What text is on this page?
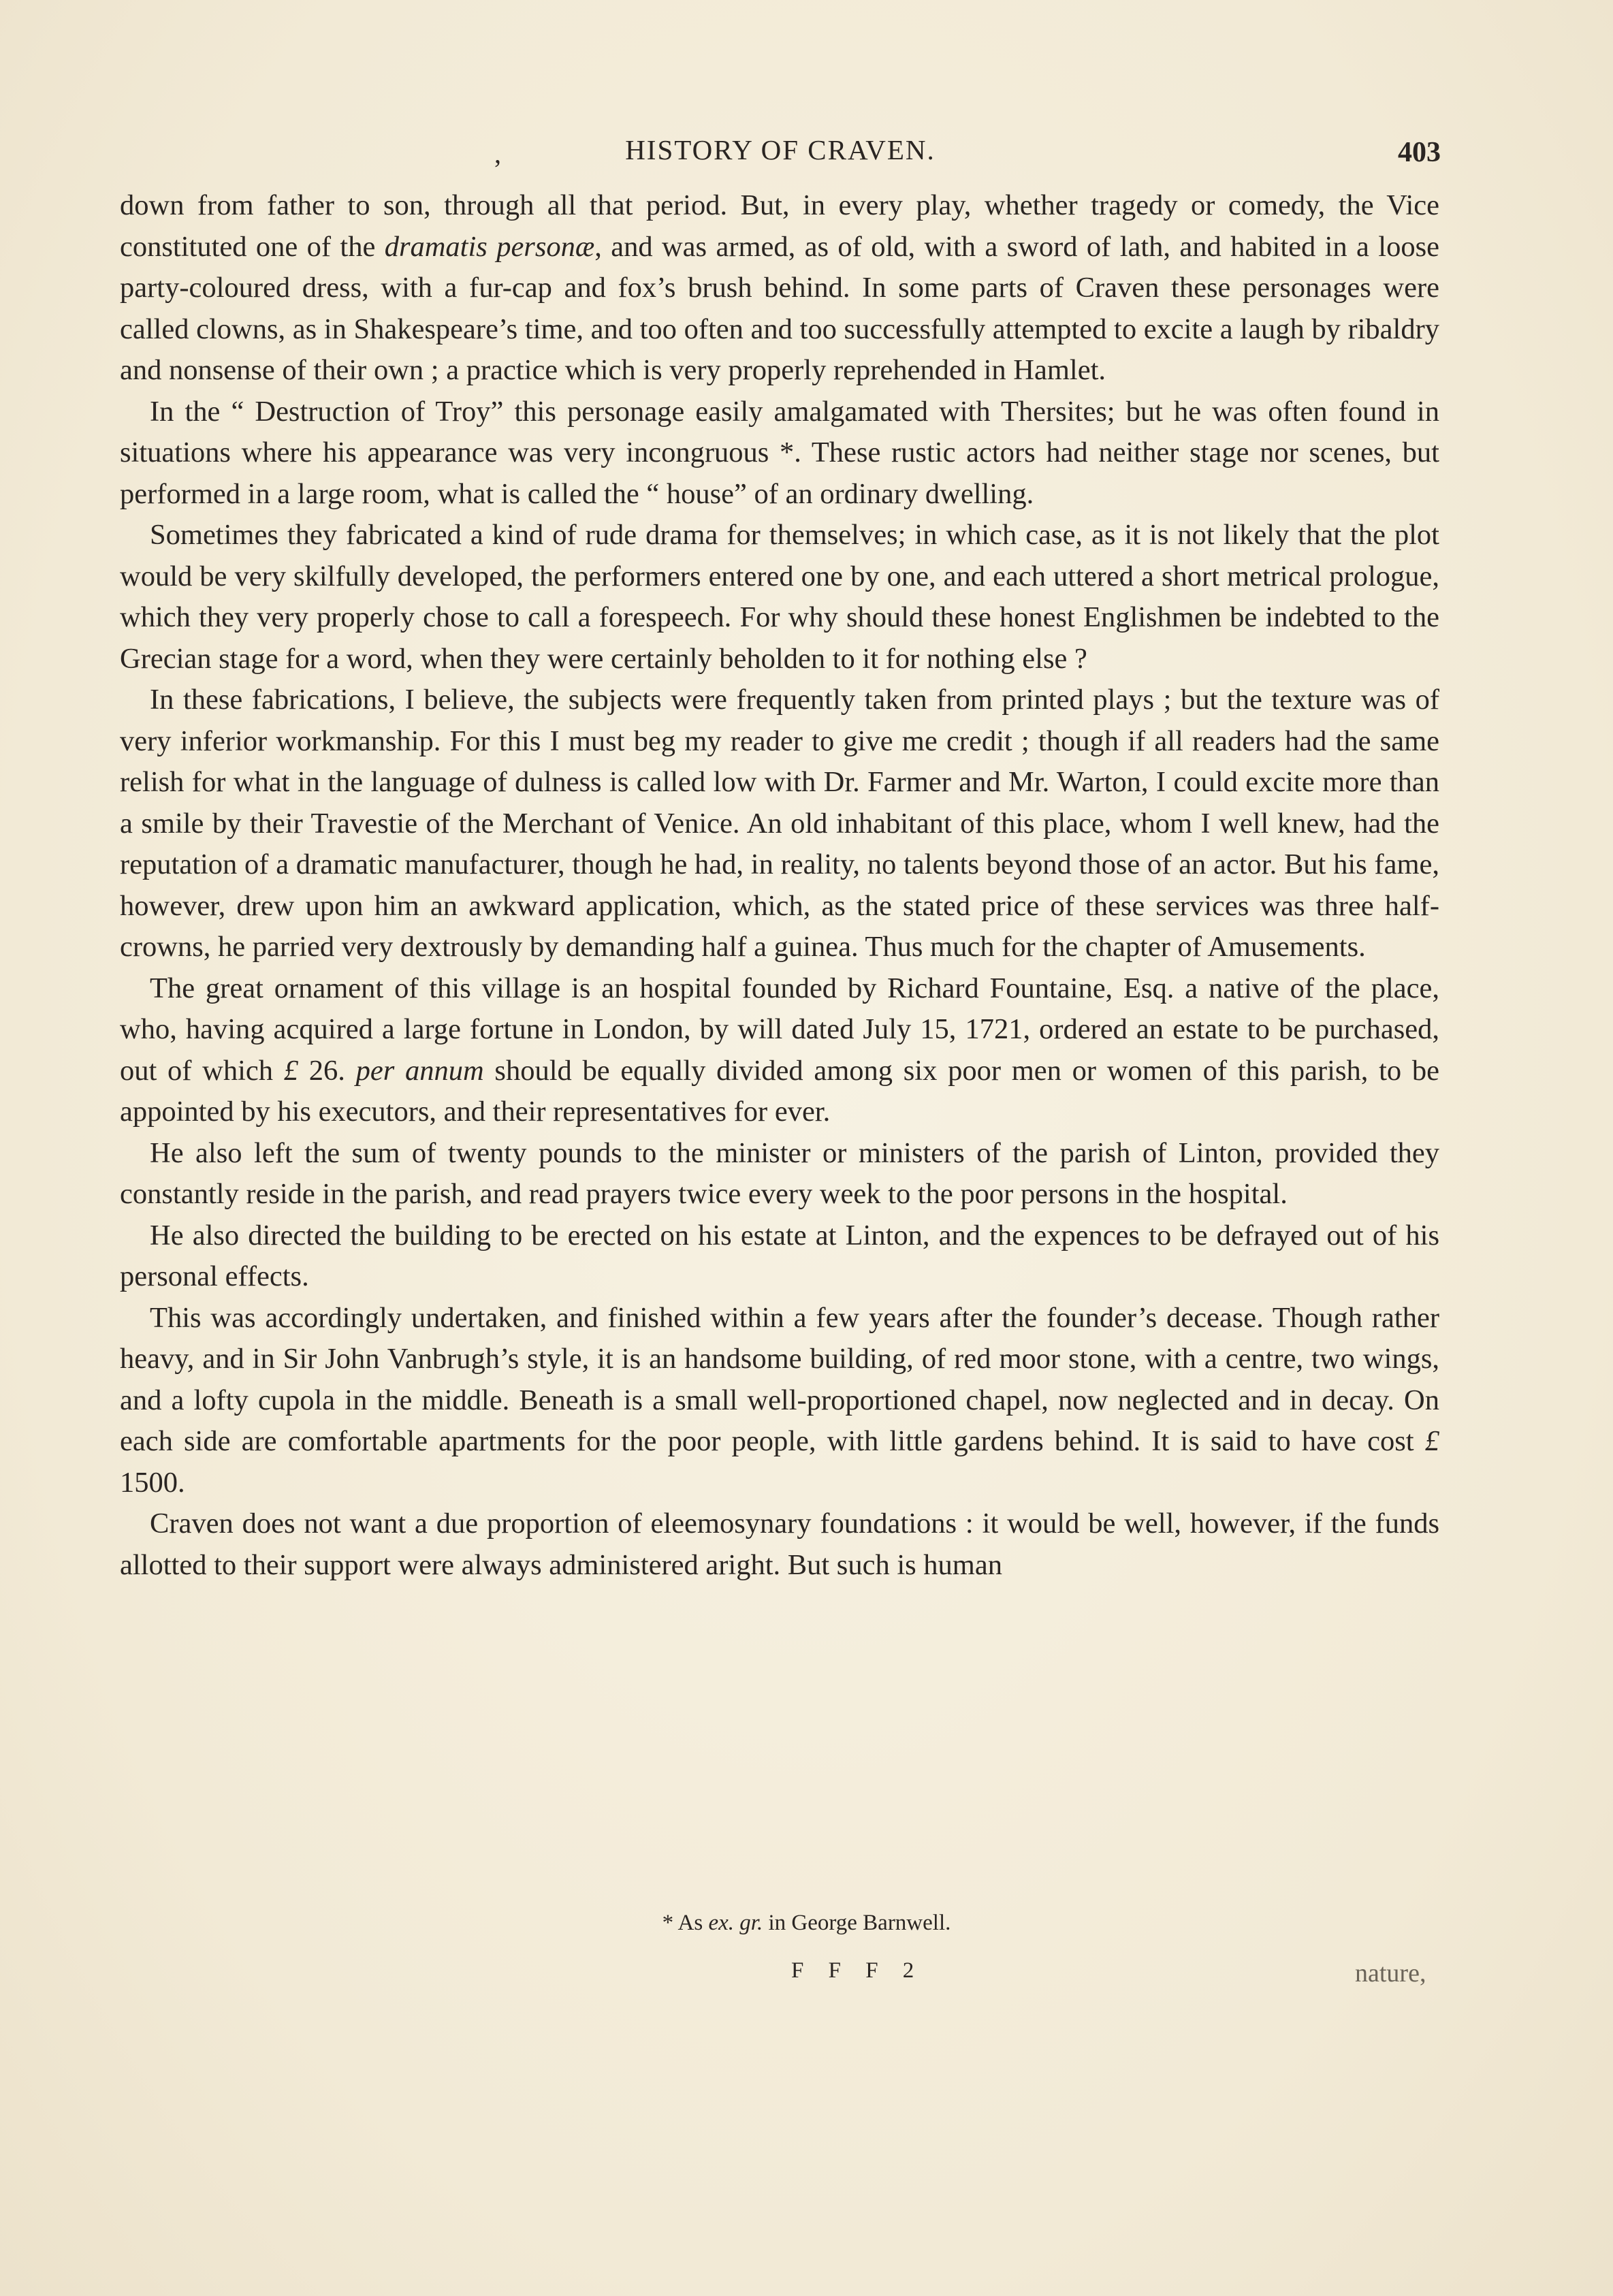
,	HISTORY OF CRAVEN.	403

down from father to son, through all that period. But, in every play, whether tragedy or comedy, the Vice constituted one of the dramatis personæ, and was armed, as of old, with a sword of lath, and habited in a loose party-coloured dress, with a fur-cap and fox’s brush behind. In some parts of Craven these personages were called clowns, as in Shakespeare’s time, and too often and too successfully attempted to excite a laugh by ribaldry and nonsense of their own ; a practice which is very properly reprehended in Hamlet.

In the “ Destruction of Troy” this personage easily amalgamated with Thersites; but he was often found in situations where his appearance was very incongruous *. These rustic actors had neither stage nor scenes, but performed in a large room, what is called the “ house” of an ordinary dwelling.

Sometimes they fabricated a kind of rude drama for themselves; in which case, as it is not likely that the plot would be very skilfully developed, the performers entered one by one, and each uttered a short metrical prologue, which they very properly chose to call a forespeech. For why should these honest Englishmen be indebted to the Grecian stage for a word, when they were certainly beholden to it for nothing else ?

In these fabrications, I believe, the subjects were frequently taken from printed plays ; but the texture was of very inferior workmanship. For this I must beg my reader to give me credit ; though if all readers had the same relish for what in the language of dulness is called low with Dr. Farmer and Mr. Warton, I could excite more than a smile by their Travestie of the Merchant of Venice. An old inhabitant of this place, whom I well knew, had the reputation of a dramatic manufacturer, though he had, in reality, no talents beyond those of an actor. But his fame, however, drew upon him an awkward application, which, as the stated price of these services was three half-crowns, he parried very dextrously by demanding half a guinea. Thus much for the chapter of Amusements.

The great ornament of this village is an hospital founded by Richard Fountaine, Esq. a native of the place, who, having acquired a large fortune in London, by will dated July 15, 1721, ordered an estate to be purchased, out of which £ 26. per annum should be equally divided among six poor men or women of this parish, to be appointed by his executors, and their representatives for ever.

He also left the sum of twenty pounds to the minister or ministers of the parish of Linton, provided they constantly reside in the parish, and read prayers twice every week to the poor persons in the hospital.

He also directed the building to be erected on his estate at Linton, and the expences to be defrayed out of his personal effects.

This was accordingly undertaken, and finished within a few years after the founder’s decease. Though rather heavy, and in Sir John Vanbrugh’s style, it is an handsome building, of red moor stone, with a centre, two wings, and a lofty cupola in the middle. Beneath is a small well-proportioned chapel, now neglected and in decay. On each side are comfortable apartments for the poor people, with little gardens behind. It is said to have cost £ 1500.

Craven does not want a due proportion of eleemosynary foundations : it would be well, however, if the funds allotted to their support were always administered aright. But such is human

* As ex. gr. in George Barnwell.
F F F 2	nature,
